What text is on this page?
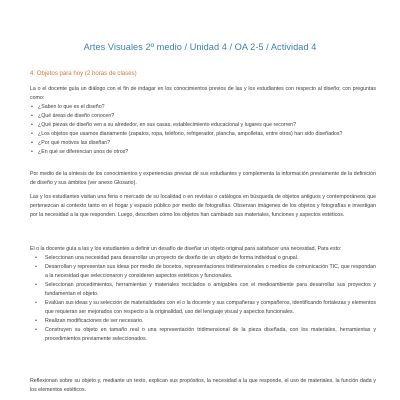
Artes Visuales 2º medio / Unidad 4 / OA 2-5 / Actividad 4
4. Objetos para hoy (2 horas de clases)

La o el docente guía un diálogo con el fin de indagar en los conocimientos previos de las y los estudiantes con respecto al diseño; con preguntas como:

• ¿Saben lo que es el diseño?
• ¿Qué áreas de diseño conocen?
• ¿Qué piezas de diseño ven a su alrededor, en sus casas, establecimiento educacional y lugares que recorren?
• ¿Los objetos que usamos diariamente (zapatos, ropa, teléfono, refrigerador, plancha, ampolletas, entre otros) han sido diseñados?
• ¿Por qué motivos las diseñan?
• ¿En qué se diferencian unos de otros?

Por medio de la síntesis de los conocimientos y experiencias previas de sus estudiantes y complementa la información previamente de la definición de diseño y sus ámbitos (ver anexo Glosario).

Las y los estudiantes visitan una feria o mercado de su localidad o en revistas o catálogos en búsqueda de objetos antiguos y contemporáneos que pertenezcan al contexto tanto en el hogar y espacio público por medio de fotografías. Observan imágenes de los objetos y fotografías e investigan por la necesidad a la que responden. Luego, describen cómo los objetos han cambiado sus materiales, funciones y aspectos estéticos.

El o la docente guía a las y los estudiantes a definir un desafío de diseñar un objeto original para satisfacer una necesidad. Para esto:

• Seleccionan una necesidad para desarrollar un proyecto de diseño de un objeto de forma individual o grupal.
• Desarrollan y representan sus ideas por medio de bocetos, representaciones tridimensionales o medios de comunicación TIC, que respondan a la necesidad que seleccionaron y consideren aspectos estéticos y funcionales.
• Seleccionan procedimientos, herramientas y materiales reciclados o amigables con el medioambiente para desarrollar sus proyectos y fundamentan el objeto.
• Evalúan sus ideas y su selección de materialidades con el o la docente y sus compañeras y compañeros, identificando fortalezas y elementos que requieran ser mejorados con respecto a la originalidad, uso del lenguaje visual y aspectos funcionales.
• Realizan modificaciones de ser necesario.
• Construyen su objeto en tamaño real o una representación tridimensional de la pieza diseñada, con los materiales, herramientas y procedimientos previamente seleccionados.

Reflexionan sobre su objeto y, mediante un texto, explican sus propósitos, la necesidad a la que responde, el uso de materiales, la función dada y los elementos estéticos.
